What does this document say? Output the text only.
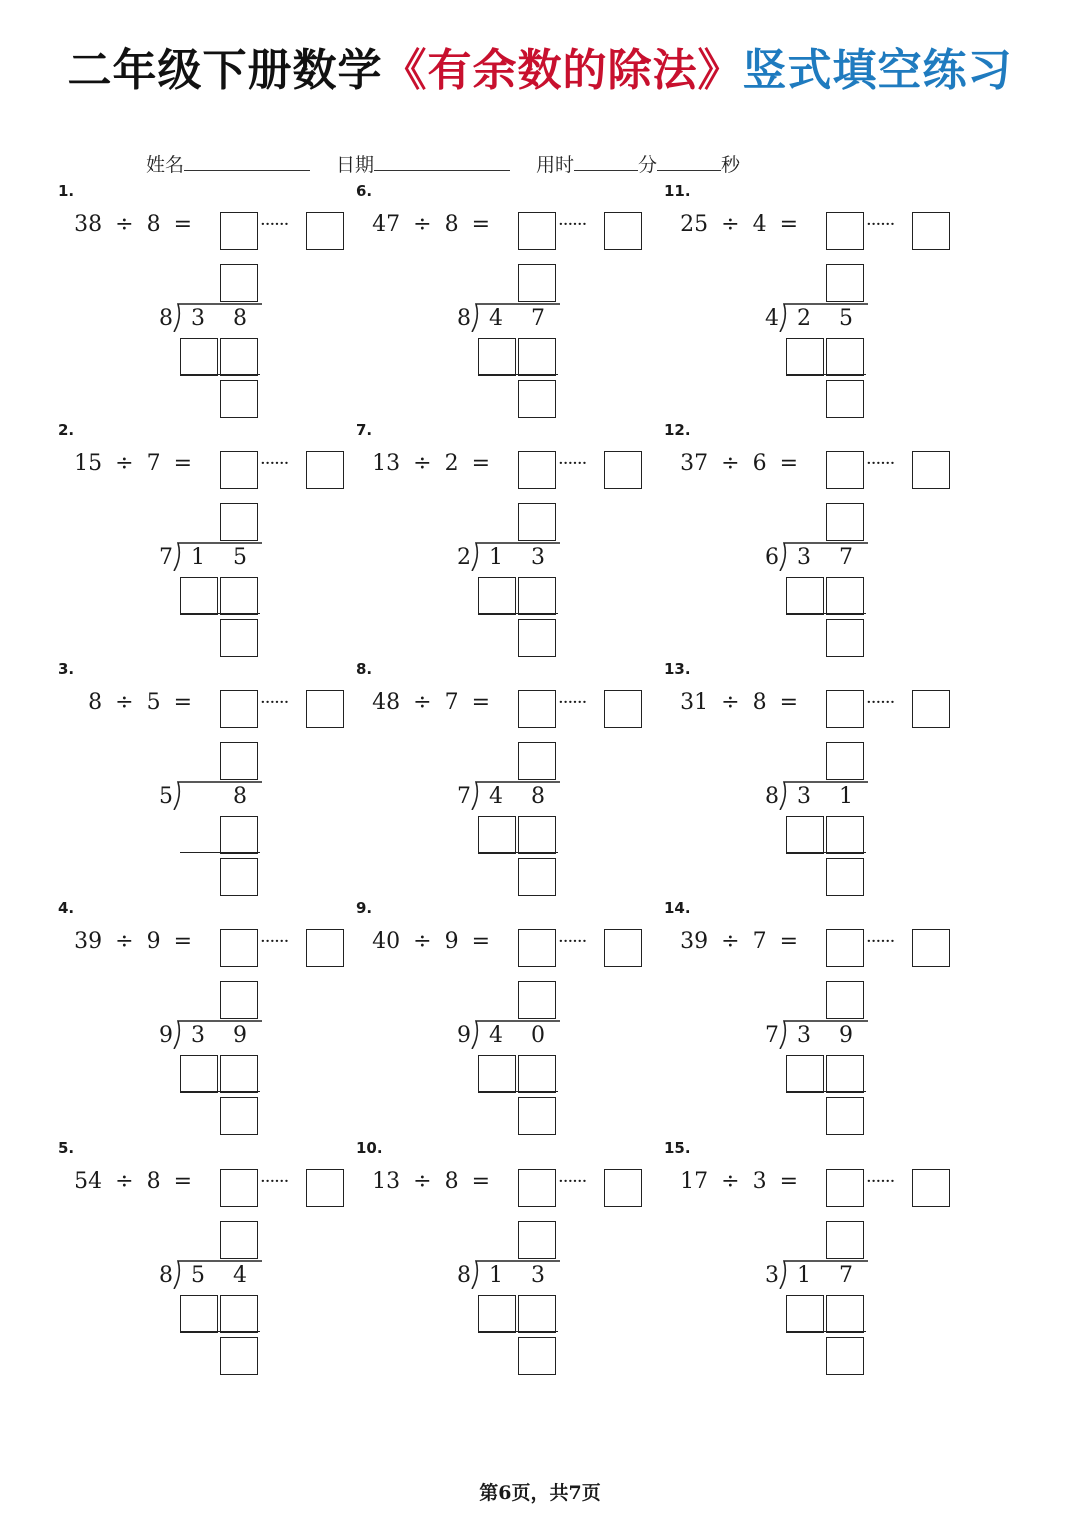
二年级下册数学《有余数的除法》竖式填空练习
姓名	日期	用时	分	秒
1.
38 ÷ 8 =	······
8 3 8
2.
15 ÷ 7 =	······
7 1 5
3.
8 ÷ 5 =	······
5	8
4.
39 ÷ 9 =	······
9 3 9
5.
54 ÷ 8 =	······
8 5 4
6.
47 ÷ 8 =	······
8 4 7
7.
13 ÷ 2 =	······
2 1 3
8.
48 ÷ 7 =	······
7 4 8
9.
40 ÷ 9 =	······
9 4 0
10.
13 ÷ 8 =	······
8 1 3
11.
25 ÷ 4 =	······
4 2 5
12.
37 ÷ 6 =	······
6 3 7
13.
31 ÷ 8 =	······
8 3 1
14.
39 ÷ 7 =	······
7 3 9
15.
17 ÷ 3 =	······
3 1 7
第6页，共7页
